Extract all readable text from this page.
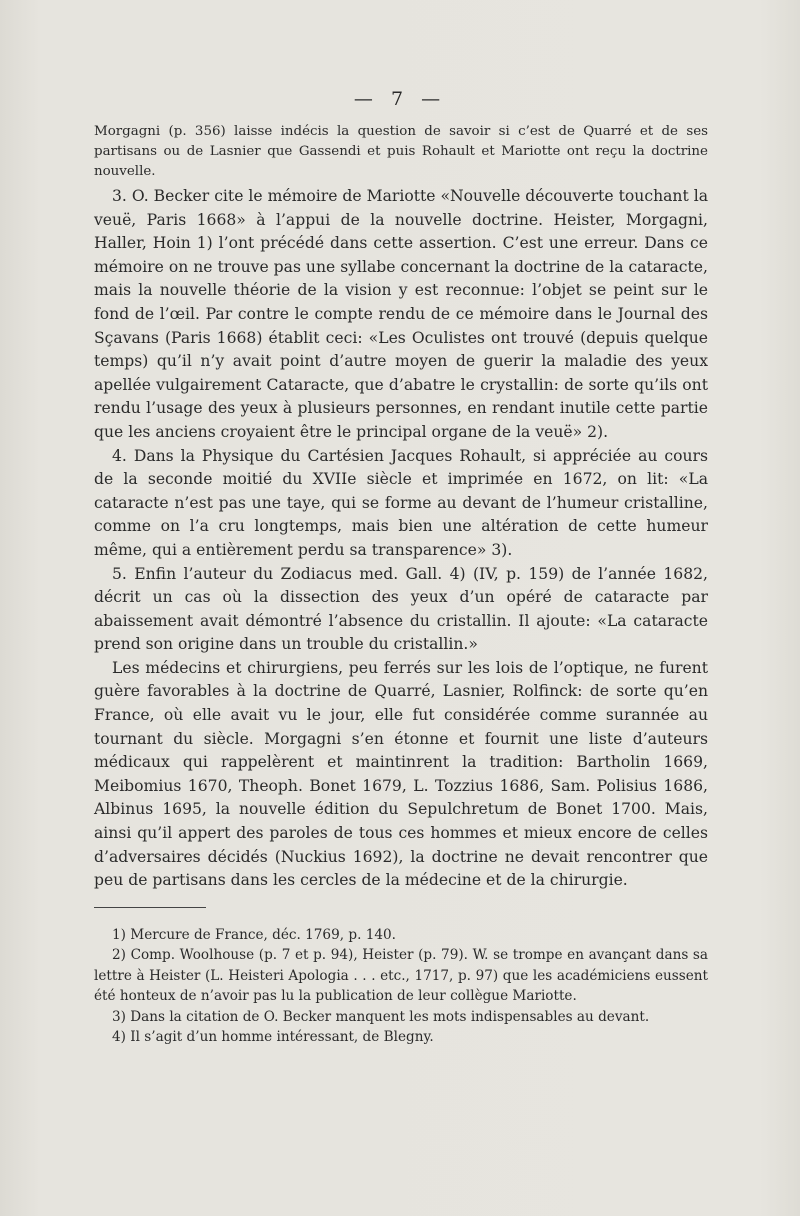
— 7 —

Morgagni (p. 356) laisse indécis la question de savoir si c’est de Quarré et de ses partisans ou de Lasnier que Gassendi et puis Rohault et Mariotte ont reçu la doctrine nouvelle.

3. O. Becker cite le mémoire de Mariotte «Nouvelle découverte touchant la veuë, Paris 1668» à l’appui de la nouvelle doctrine. Heister, Morgagni, Haller, Hoin 1) l’ont précédé dans cette assertion. C’est une erreur. Dans ce mémoire on ne trouve pas une syllabe concernant la doctrine de la cataracte, mais la nouvelle théorie de la vision y est reconnue: l’objet se peint sur le fond de l’œil. Par contre le compte rendu de ce mémoire dans le Journal des Sçavans (Paris 1668) établit ceci: «Les Oculistes ont trouvé (depuis quelque temps) qu’il n’y avait point d’autre moyen de guerir la maladie des yeux apellée vulgairement Cataracte, que d’abatre le crystallin: de sorte qu’ils ont rendu l’usage des yeux à plusieurs personnes, en rendant inutile cette partie que les anciens croyaient être le principal organe de la veuë» 2).

4. Dans la Physique du Cartésien Jacques Rohault, si appréciée au cours de la seconde moitié du XVIIe siècle et imprimée en 1672, on lit: «La cataracte n’est pas une taye, qui se forme au devant de l’humeur cristalline, comme on l’a cru longtemps, mais bien une altération de cette humeur même, qui a entièrement perdu sa transparence» 3).

5. Enfin l’auteur du Zodiacus med. Gall. 4) (IV, p. 159) de l’année 1682, décrit un cas où la dissection des yeux d’un opéré de cataracte par abaissement avait démontré l’absence du cristallin. Il ajoute: «La cataracte prend son origine dans un trouble du cristallin.»

Les médecins et chirurgiens, peu ferrés sur les lois de l’optique, ne furent guère favorables à la doctrine de Quarré, Lasnier, Rolfinck: de sorte qu’en France, où elle avait vu le jour, elle fut considérée comme surannée au tournant du siècle. Morgagni s’en étonne et fournit une liste d’auteurs médicaux qui rappelèrent et maintinrent la tradition: Bartholin 1669, Meibomius 1670, Theoph. Bonet 1679, L. Tozzius 1686, Sam. Polisius 1686, Albinus 1695, la nouvelle édition du Sepulchretum de Bonet 1700. Mais, ainsi qu’il appert des paroles de tous ces hommes et mieux encore de celles d’adversaires décidés (Nuckius 1692), la doctrine ne devait rencontrer que peu de partisans dans les cercles de la médecine et de la chirurgie.

1) Mercure de France, déc. 1769, p. 140.

2) Comp. Woolhouse (p. 7 et p. 94), Heister (p. 79). W. se trompe en avançant dans sa lettre à Heister (L. Heisteri Apologia . . . etc., 1717, p. 97) que les académiciens eussent été honteux de n’avoir pas lu la publication de leur collègue Mariotte.

3) Dans la citation de O. Becker manquent les mots indispensables au devant.

4) Il s’agit d’un homme intéressant, de Blegny.
